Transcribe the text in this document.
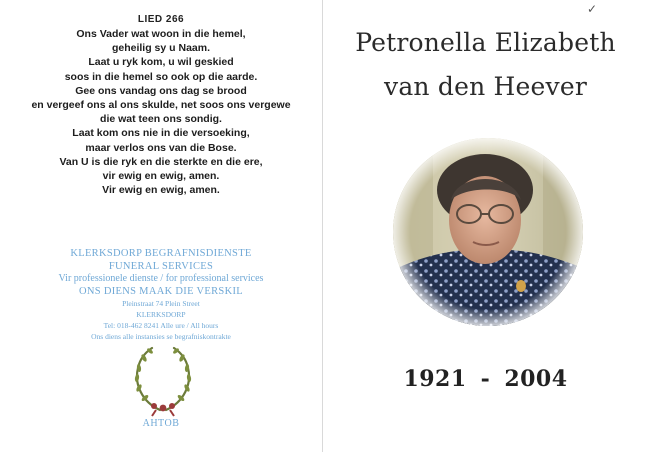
LIED 266
Ons Vader wat woon in die hemel,
geheilig sy u Naam.
Laat u ryk kom, u wil geskied
soos in die hemel so ook op die aarde.
Gee ons vandag ons dag se brood
en vergeef ons al ons skulde, net soos ons vergewe
die wat teen ons sondig.
Laat kom ons nie in die versoeking,
maar verlos ons van die Bose.
Van U is die ryk en die sterkte en die ere,
vir ewig en ewig, amen.
Vir ewig en ewig, amen.
KLERKSDORP BEGRAFNISDIENSTE
FUNERAL SERVICES
Vir professionele dienste / for professional services
ONS DIENS MAAK DIE VERSKIL
Pleinstraat 74 Plein Street
KLERKSDORP
Tel: 018-462 8241 Alle ure / All hours
Ons diens alle instansies se begrafniskontrakte
AHTOB
✓
Petronella Elizabeth
van den Heever
1921 - 2004
